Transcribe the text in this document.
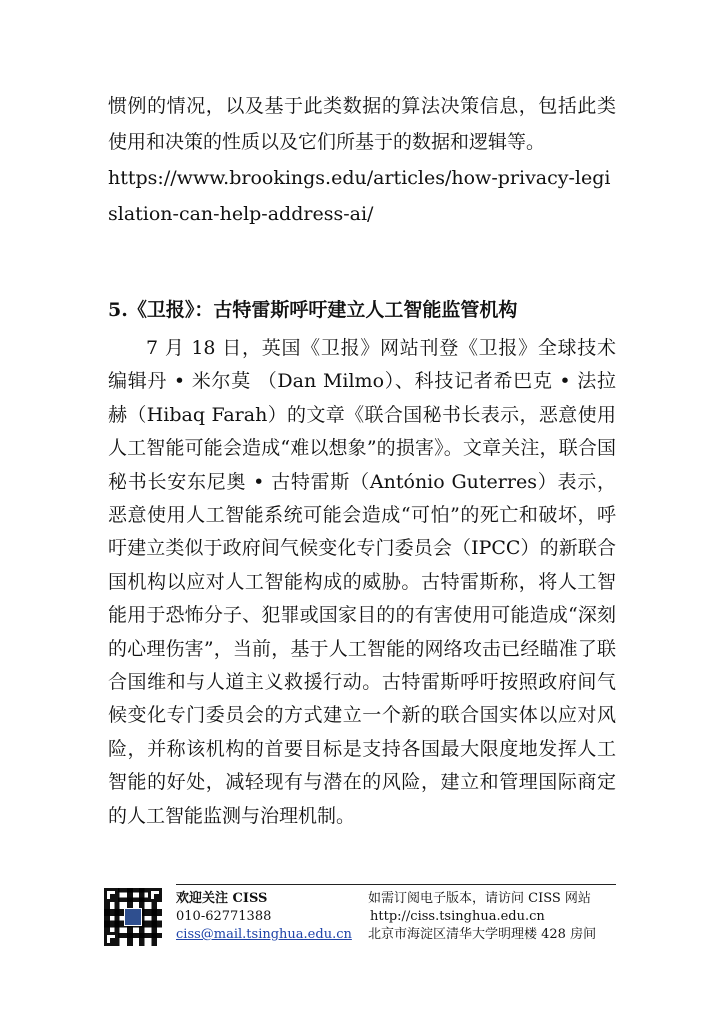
惯例的情况，以及基于此类数据的算法决策信息，包括此类使用和决策的性质以及它们所基于的数据和逻辑等。

https://www.brookings.edu/articles/how-privacy-legislation-can-help-address-ai/

5.《卫报》：古特雷斯呼吁建立人工智能监管机构

7 月 18 日，英国《卫报》网站刊登《卫报》全球技术编辑丹 • 米尔莫 （Dan Milmo）、科技记者希巴克 • 法拉赫（Hibaq Farah）的文章《联合国秘书长表示，恶意使用人工智能可能会造成“难以想象”的损害》。文章关注，联合国秘书长安东尼奥 • 古特雷斯（António Guterres）表示，恶意使用人工智能系统可能会造成“可怕”的死亡和破坏，呼吁建立类似于政府间气候变化专门委员会（IPCC）的新联合国机构以应对人工智能构成的威胁。古特雷斯称，将人工智能用于恐怖分子、犯罪或国家目的的有害使用可能造成“深刻的心理伤害”，当前，基于人工智能的网络攻击已经瞄准了联合国维和与人道主义救援行动。古特雷斯呼吁按照政府间气候变化专门委员会的方式建立一个新的联合国实体以应对风险，并称该机构的首要目标是支持各国最大限度地发挥人工智能的好处，减轻现有与潜在的风险，建立和管理国际商定的人工智能监测与治理机制。

欢迎关注 CISS
010-62771388
ciss@mail.tsinghua.edu.cn
如需订阅电子版本，请访问 CISS 网站
http://ciss.tsinghua.edu.cn
北京市海淀区清华大学明理楼 428 房间
